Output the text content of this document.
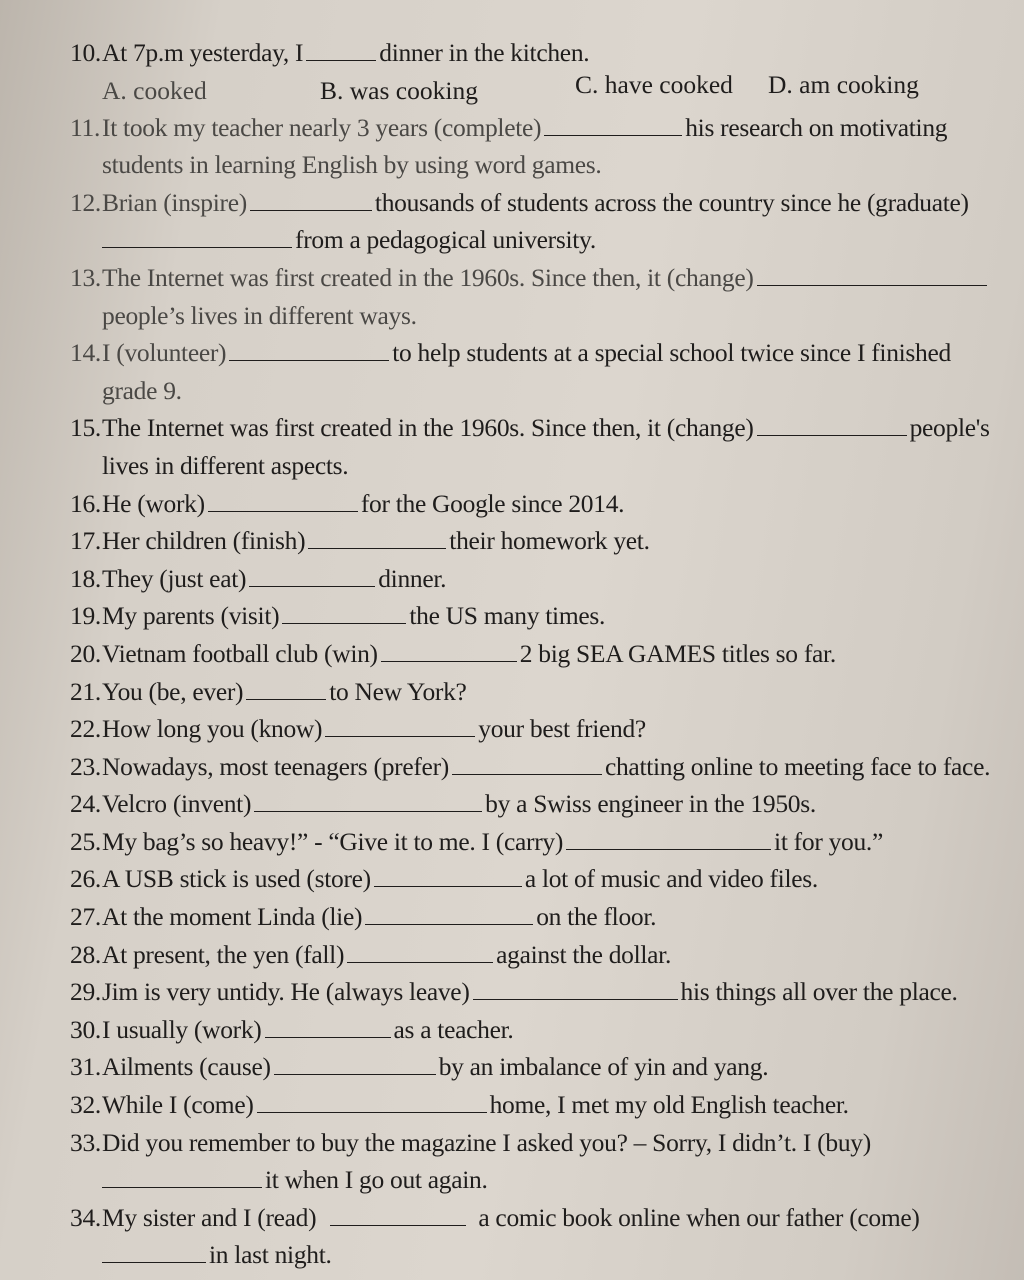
10.At 7p.m yesterday, I	dinner in the kitchen.
A. cooked	B. was cooking	C. have cooked D. am cooking
11.It took my teacher nearly 3 years (complete)	his research on motivating
students in learning English by using word games.
12.Brian (inspire)	thousands of students across the country since he (graduate)
from a pedagogical university.
13.The Internet was first created in the 1960s. Since then, it (change)
people’s lives in different ways.
14.I (volunteer)	to help students at a special school twice since I finished
grade 9.
15.The Internet was first created in the 1960s. Since then, it (change)	people's
lives in different aspects.
16.He (work)	for the Google since 2014.
17.Her children (finish)	their homework yet.
18.They (just eat)	dinner.
19.My parents (visit)	the US many times.
20.Vietnam football club (win)	2 big SEA GAMES titles so far.
21.You (be, ever)	to New York?
22.How long you (know)	your best friend?
23.Nowadays, most teenagers (prefer)	chatting online to meeting face to face.
24.Velcro (invent)	by a Swiss engineer in the 1950s.
25.My bag’s so heavy!” - “Give it to me. I (carry)	it for you.”
26.A USB stick is used (store)	a lot of music and video files.
27.At the moment Linda (lie)	on the floor.
28.At present, the yen (fall)	against the dollar.
29.Jim is very untidy. He (always leave)	his things all over the place.
30.I usually (work)	as a teacher.
31.Ailments (cause)	by an imbalance of yin and yang.
32.While I (come)	home, I met my old English teacher.
33.Did you remember to buy the magazine I asked you? – Sorry, I didn’t. I (buy)
it when I go out again.
34.My sister and I (read)	a comic book online when our father (come)
in last night.
